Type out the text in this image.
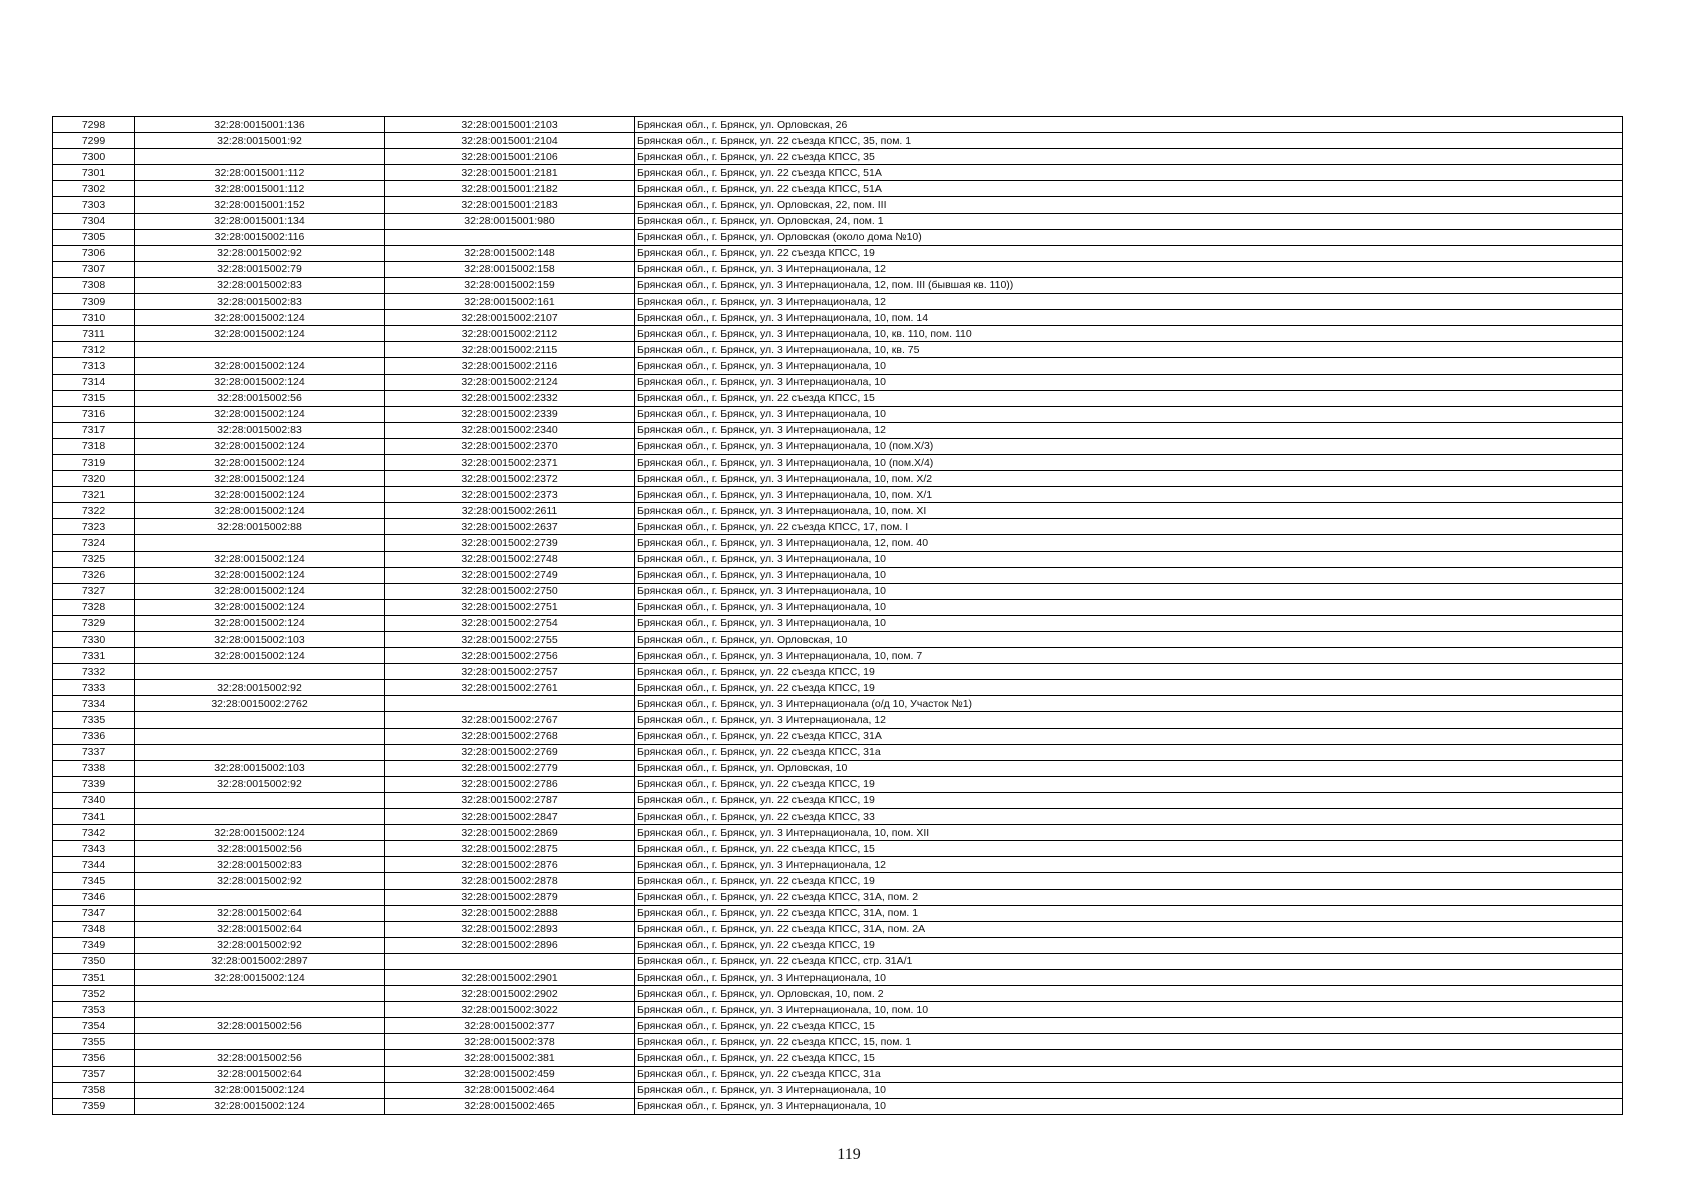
7298	32:28:0015001:136	32:28:0015001:2103	Брянская обл., г. Брянск, ул. Орловская, 26
7299	32:28:0015001:92	32:28:0015001:2104	Брянская обл., г. Брянск, ул. 22 съезда КПСС, 35, пом. 1
7300		32:28:0015001:2106	Брянская обл., г. Брянск, ул. 22 съезда КПСС, 35
7301	32:28:0015001:112	32:28:0015001:2181	Брянская обл., г. Брянск, ул. 22 съезда КПСС, 51А
7302	32:28:0015001:112	32:28:0015001:2182	Брянская обл., г. Брянск, ул. 22 съезда КПСС, 51А
7303	32:28:0015001:152	32:28:0015001:2183	Брянская обл., г. Брянск, ул. Орловская, 22, пом. III
7304	32:28:0015001:134	32:28:0015001:980	Брянская обл., г. Брянск, ул. Орловская, 24, пом. 1
7305	32:28:0015002:116		Брянская обл., г. Брянск, ул. Орловская (около дома №10)
7306	32:28:0015002:92	32:28:0015002:148	Брянская обл., г. Брянск, ул. 22 съезда КПСС, 19
7307	32:28:0015002:79	32:28:0015002:158	Брянская обл., г. Брянск, ул. 3 Интернационала, 12
7308	32:28:0015002:83	32:28:0015002:159	Брянская обл., г. Брянск, ул. 3 Интернационала, 12, пом. III (бывшая кв. 110))
7309	32:28:0015002:83	32:28:0015002:161	Брянская обл., г. Брянск, ул. 3 Интернационала, 12
7310	32:28:0015002:124	32:28:0015002:2107	Брянская обл., г. Брянск, ул. 3 Интернационала, 10, пом. 14
7311	32:28:0015002:124	32:28:0015002:2112	Брянская обл., г. Брянск, ул. 3 Интернационала, 10, кв. 110, пом. 110
7312		32:28:0015002:2115	Брянская обл., г. Брянск, ул. 3 Интернационала, 10, кв. 75
7313	32:28:0015002:124	32:28:0015002:2116	Брянская обл., г. Брянск, ул. 3 Интернационала, 10
7314	32:28:0015002:124	32:28:0015002:2124	Брянская обл., г. Брянск, ул. 3 Интернационала, 10
7315	32:28:0015002:56	32:28:0015002:2332	Брянская обл., г. Брянск, ул. 22 съезда КПСС, 15
7316	32:28:0015002:124	32:28:0015002:2339	Брянская обл., г. Брянск, ул. 3 Интернационала, 10
7317	32:28:0015002:83	32:28:0015002:2340	Брянская обл., г. Брянск, ул. 3 Интернационала, 12
7318	32:28:0015002:124	32:28:0015002:2370	Брянская обл., г. Брянск, ул. 3 Интернационала, 10 (пом.Х/3)
7319	32:28:0015002:124	32:28:0015002:2371	Брянская обл., г. Брянск, ул. 3 Интернационала, 10 (пом.Х/4)
7320	32:28:0015002:124	32:28:0015002:2372	Брянская обл., г. Брянск, ул. 3 Интернационала, 10, пом. Х/2
7321	32:28:0015002:124	32:28:0015002:2373	Брянская обл., г. Брянск, ул. 3 Интернационала, 10, пом. Х/1
7322	32:28:0015002:124	32:28:0015002:2611	Брянская обл., г. Брянск, ул. 3 Интернационала, 10, пом. XI
7323	32:28:0015002:88	32:28:0015002:2637	Брянская обл., г. Брянск, ул. 22 съезда КПСС, 17, пом. I
7324		32:28:0015002:2739	Брянская обл., г. Брянск, ул. 3 Интернационала, 12, пом. 40
7325	32:28:0015002:124	32:28:0015002:2748	Брянская обл., г. Брянск, ул. 3 Интернационала, 10
7326	32:28:0015002:124	32:28:0015002:2749	Брянская обл., г. Брянск, ул. 3 Интернационала, 10
7327	32:28:0015002:124	32:28:0015002:2750	Брянская обл., г. Брянск, ул. 3 Интернационала, 10
7328	32:28:0015002:124	32:28:0015002:2751	Брянская обл., г. Брянск, ул. 3 Интернационала, 10
7329	32:28:0015002:124	32:28:0015002:2754	Брянская обл., г. Брянск, ул. 3 Интернационала, 10
7330	32:28:0015002:103	32:28:0015002:2755	Брянская обл., г. Брянск, ул. Орловская, 10
7331	32:28:0015002:124	32:28:0015002:2756	Брянская обл., г. Брянск, ул. 3 Интернационала, 10, пом. 7
7332		32:28:0015002:2757	Брянская обл., г. Брянск, ул. 22 съезда КПСС, 19
7333	32:28:0015002:92	32:28:0015002:2761	Брянская обл., г. Брянск, ул. 22 съезда КПСС, 19
7334	32:28:0015002:2762		Брянская обл., г. Брянск, ул. 3 Интернационала (о/д 10, Участок №1)
7335		32:28:0015002:2767	Брянская обл., г. Брянск, ул. 3 Интернационала, 12
7336		32:28:0015002:2768	Брянская обл., г. Брянск, ул. 22 съезда КПСС, 31А
7337		32:28:0015002:2769	Брянская обл., г. Брянск, ул. 22 съезда КПСС, 31а
7338	32:28:0015002:103	32:28:0015002:2779	Брянская обл., г. Брянск, ул. Орловская, 10
7339	32:28:0015002:92	32:28:0015002:2786	Брянская обл., г. Брянск, ул. 22 съезда КПСС, 19
7340		32:28:0015002:2787	Брянская обл., г. Брянск, ул. 22 съезда КПСС, 19
7341		32:28:0015002:2847	Брянская обл., г. Брянск, ул. 22 съезда КПСС, 33
7342	32:28:0015002:124	32:28:0015002:2869	Брянская обл., г. Брянск, ул. 3 Интернационала, 10, пом. XII
7343	32:28:0015002:56	32:28:0015002:2875	Брянская обл., г. Брянск, ул. 22 съезда КПСС, 15
7344	32:28:0015002:83	32:28:0015002:2876	Брянская обл., г. Брянск, ул. 3 Интернационала, 12
7345	32:28:0015002:92	32:28:0015002:2878	Брянская обл., г. Брянск, ул. 22 съезда КПСС, 19
7346		32:28:0015002:2879	Брянская обл., г. Брянск, ул. 22 съезда КПСС, 31А, пом. 2
7347	32:28:0015002:64	32:28:0015002:2888	Брянская обл., г. Брянск, ул. 22 съезда КПСС, 31А, пом. 1
7348	32:28:0015002:64	32:28:0015002:2893	Брянская обл., г. Брянск, ул. 22 съезда КПСС, 31А, пом. 2А
7349	32:28:0015002:92	32:28:0015002:2896	Брянская обл., г. Брянск, ул. 22 съезда КПСС, 19
7350	32:28:0015002:2897		Брянская обл., г. Брянск, ул. 22 съезда КПСС, стр. 31А/1
7351	32:28:0015002:124	32:28:0015002:2901	Брянская обл., г. Брянск, ул. 3 Интернационала, 10
7352		32:28:0015002:2902	Брянская обл., г. Брянск, ул. Орловская, 10, пом. 2
7353		32:28:0015002:3022	Брянская обл., г. Брянск, ул. 3 Интернационала, 10, пом. 10
7354	32:28:0015002:56	32:28:0015002:377	Брянская обл., г. Брянск, ул. 22 съезда КПСС, 15
7355		32:28:0015002:378	Брянская обл., г. Брянск, ул. 22 съезда КПСС, 15, пом. 1
7356	32:28:0015002:56	32:28:0015002:381	Брянская обл., г. Брянск, ул. 22 съезда КПСС, 15
7357	32:28:0015002:64	32:28:0015002:459	Брянская обл., г. Брянск, ул. 22 съезда КПСС, 31а
7358	32:28:0015002:124	32:28:0015002:464	Брянская обл., г. Брянск, ул. 3 Интернационала, 10
7359	32:28:0015002:124	32:28:0015002:465	Брянская обл., г. Брянск, ул. 3 Интернационала, 10
119
